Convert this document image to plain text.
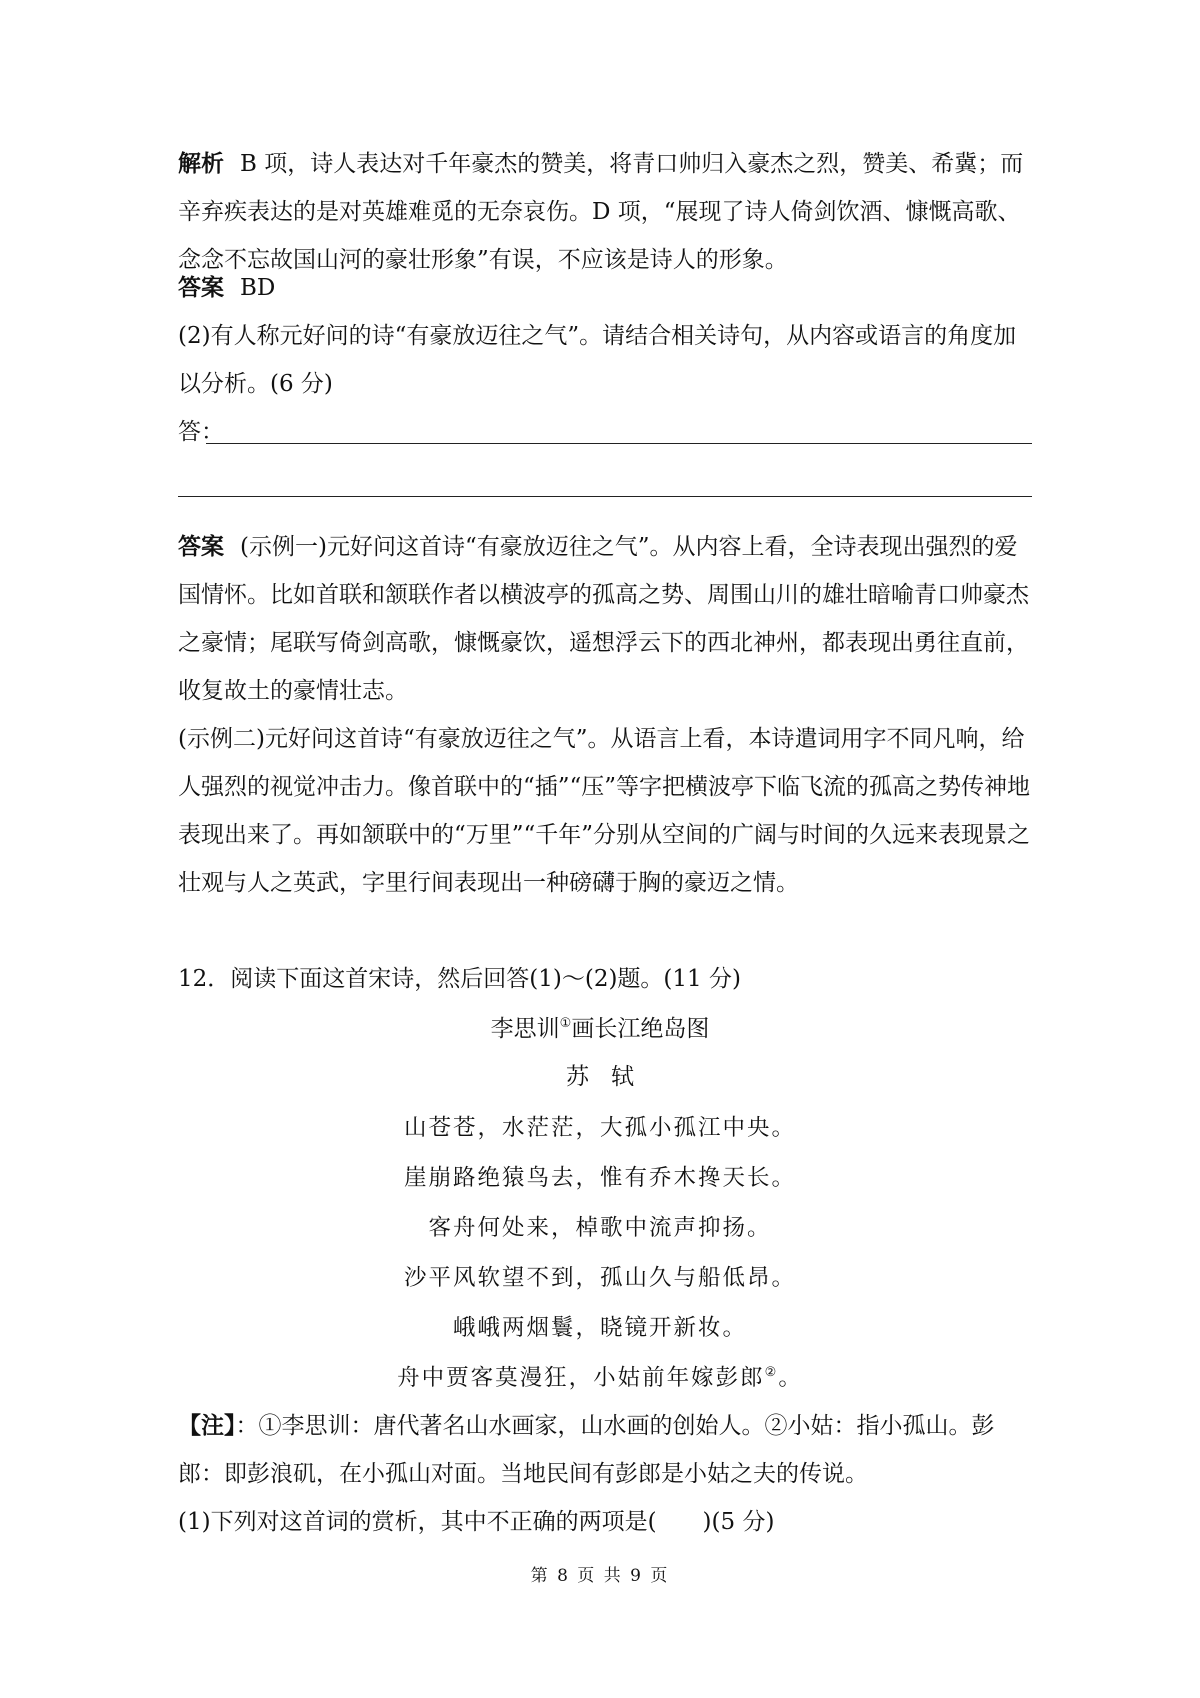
解析 B 项，诗人表达对千年豪杰的赞美，将青口帅归入豪杰之烈，赞美、希冀；而辛弃疾表达的是对英雄难觅的无奈哀伤。D 项，“展现了诗人倚剑饮酒、慷慨高歌、念念不忘故国山河的豪壮形象”有误，不应该是诗人的形象。

答案 BD

(2)有人称元好问的诗“有豪放迈往之气”。请结合相关诗句，从内容或语言的角度加以分析。(6 分)

答：

答案 (示例一)元好问这首诗“有豪放迈往之气”。从内容上看，全诗表现出强烈的爱国情怀。比如首联和颔联作者以横波亭的孤高之势、周围山川的雄壮暗喻青口帅豪杰之豪情；尾联写倚剑高歌，慷慨豪饮，遥想浮云下的西北神州，都表现出勇往直前，收复故土的豪情壮志。

(示例二)元好问这首诗“有豪放迈往之气”。从语言上看，本诗遣词用字不同凡响，给人强烈的视觉冲击力。像首联中的“插”“压”等字把横波亭下临飞流的孤高之势传神地表现出来了。再如颔联中的“万里”“千年”分别从空间的广阔与时间的久远来表现景之壮观与人之英武，字里行间表现出一种磅礴于胸的豪迈之情。

12．阅读下面这首宋诗，然后回答(1)～(2)题。(11 分)

李思训①画长江绝岛图
苏轼
山苍苍，水茫茫，大孤小孤江中央。
崖崩路绝猿鸟去，惟有乔木搀天长。
客舟何处来，棹歌中流声抑扬。
沙平风软望不到，孤山久与船低昂。
峨峨两烟鬟，晓镜开新妆。
舟中贾客莫漫狂，小姑前年嫁彭郎②。

【注】：①李思训：唐代著名山水画家，山水画的创始人。②小姑：指小孤山。彭郎：即彭浪矶，在小孤山对面。当地民间有彭郎是小姑之夫的传说。

(1)下列对这首词的赏析，其中不正确的两项是(　　)(5 分)

第 8 页 共 9 页
